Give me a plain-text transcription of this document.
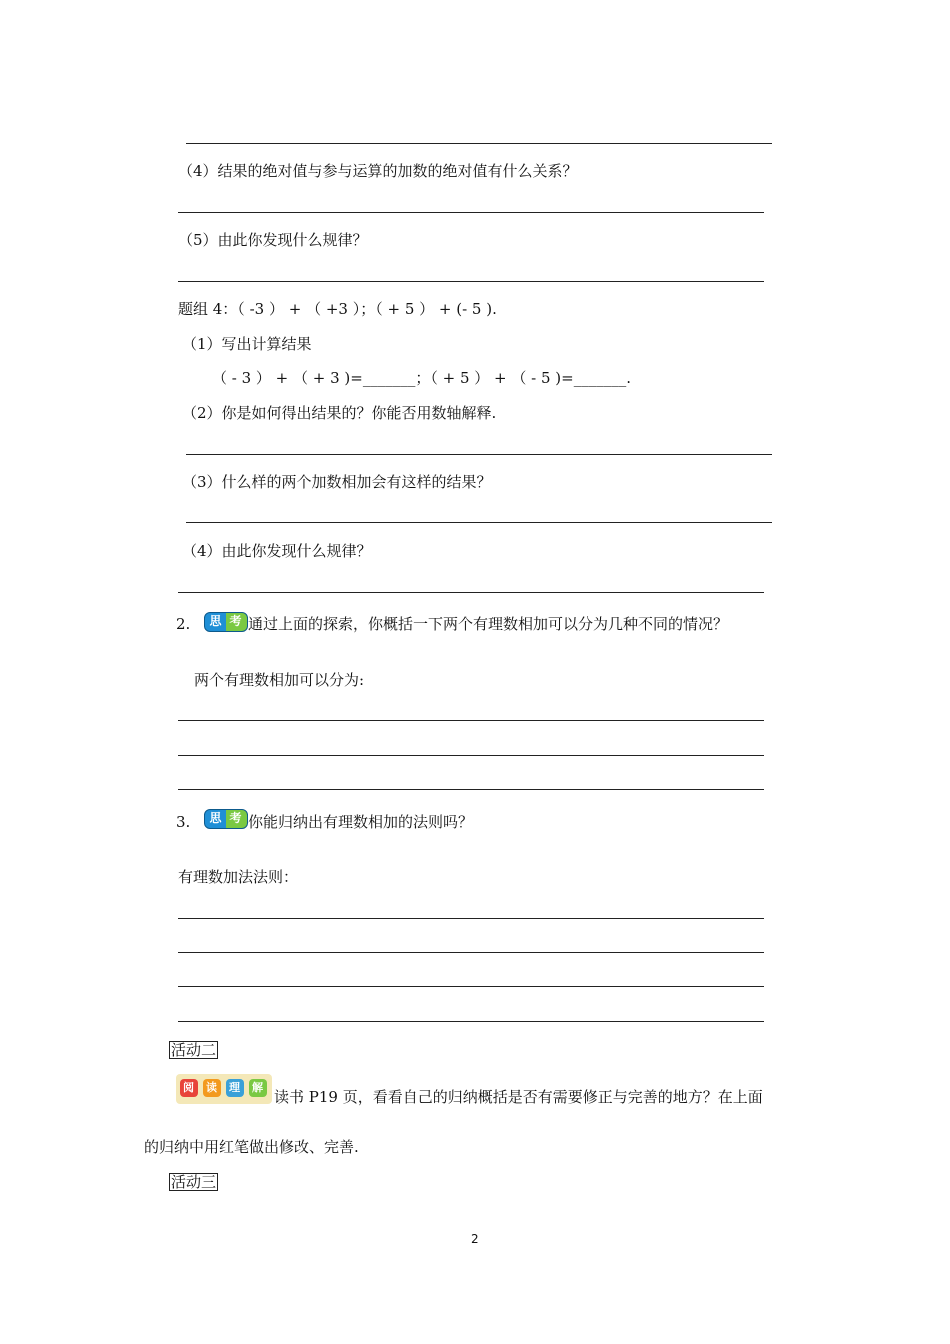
（4）结果的绝对值与参与运算的加数的绝对值有什么关系？
（5）由此你发现什么规律？
题组 4：（ -3 ） + （ +3 ）；（ + 5 ） + (- 5 ).
（1）写出计算结果
（ - 3 ） + （ + 3 )=_______；（ + 5 ） + （ - 5 )=_______.
（2）你是如何得出结果的？你能否用数轴解释.
（3）什么样的两个加数相加会有这样的结果？
（4）由此你发现什么规律？
2.	思 考 通过上面的探索，你概括一下两个有理数相加可以分为几种不同的情况？
两个有理数相加可以分为:
3.	思 考 你能归纳出有理数相加的法则吗？
有理数加法法则：
活动二
阅 读 理 解
读书 P19 页，看看自己的归纳概括是否有需要修正与完善的地方？在上面
的归纳中用红笔做出修改、完善.
活动三
2
